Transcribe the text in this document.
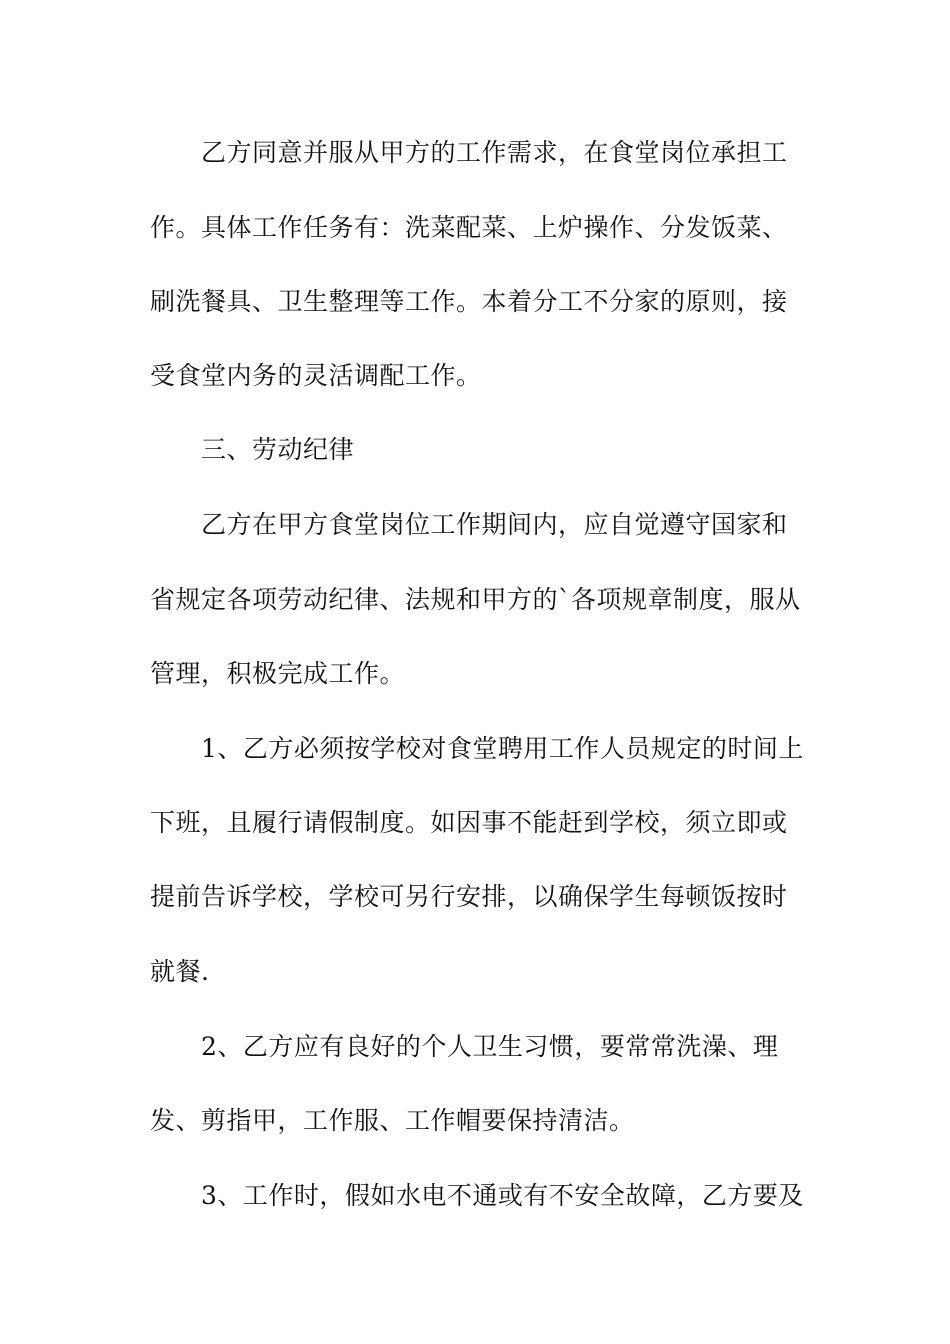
乙方同意并服从甲方的工作需求，在食堂岗位承担工
作。具体工作任务有：洗菜配菜、上炉操作、分发饭菜、
刷洗餐具、卫生整理等工作。本着分工不分家的原则，接
受食堂内务的灵活调配工作。
三、劳动纪律
乙方在甲方食堂岗位工作期间内，应自觉遵守国家和
省规定各项劳动纪律、法规和甲方的`各项规章制度，服从
管理，积极完成工作。
1、乙方必须按学校对食堂聘用工作人员规定的时间上
下班，且履行请假制度。如因事不能赶到学校，须立即或
提前告诉学校，学校可另行安排，以确保学生每顿饭按时
就餐.
2、乙方应有良好的个人卫生习惯，要常常洗澡、理
发、剪指甲，工作服、工作帽要保持清洁。
3、工作时，假如水电不通或有不安全故障，乙方要及
